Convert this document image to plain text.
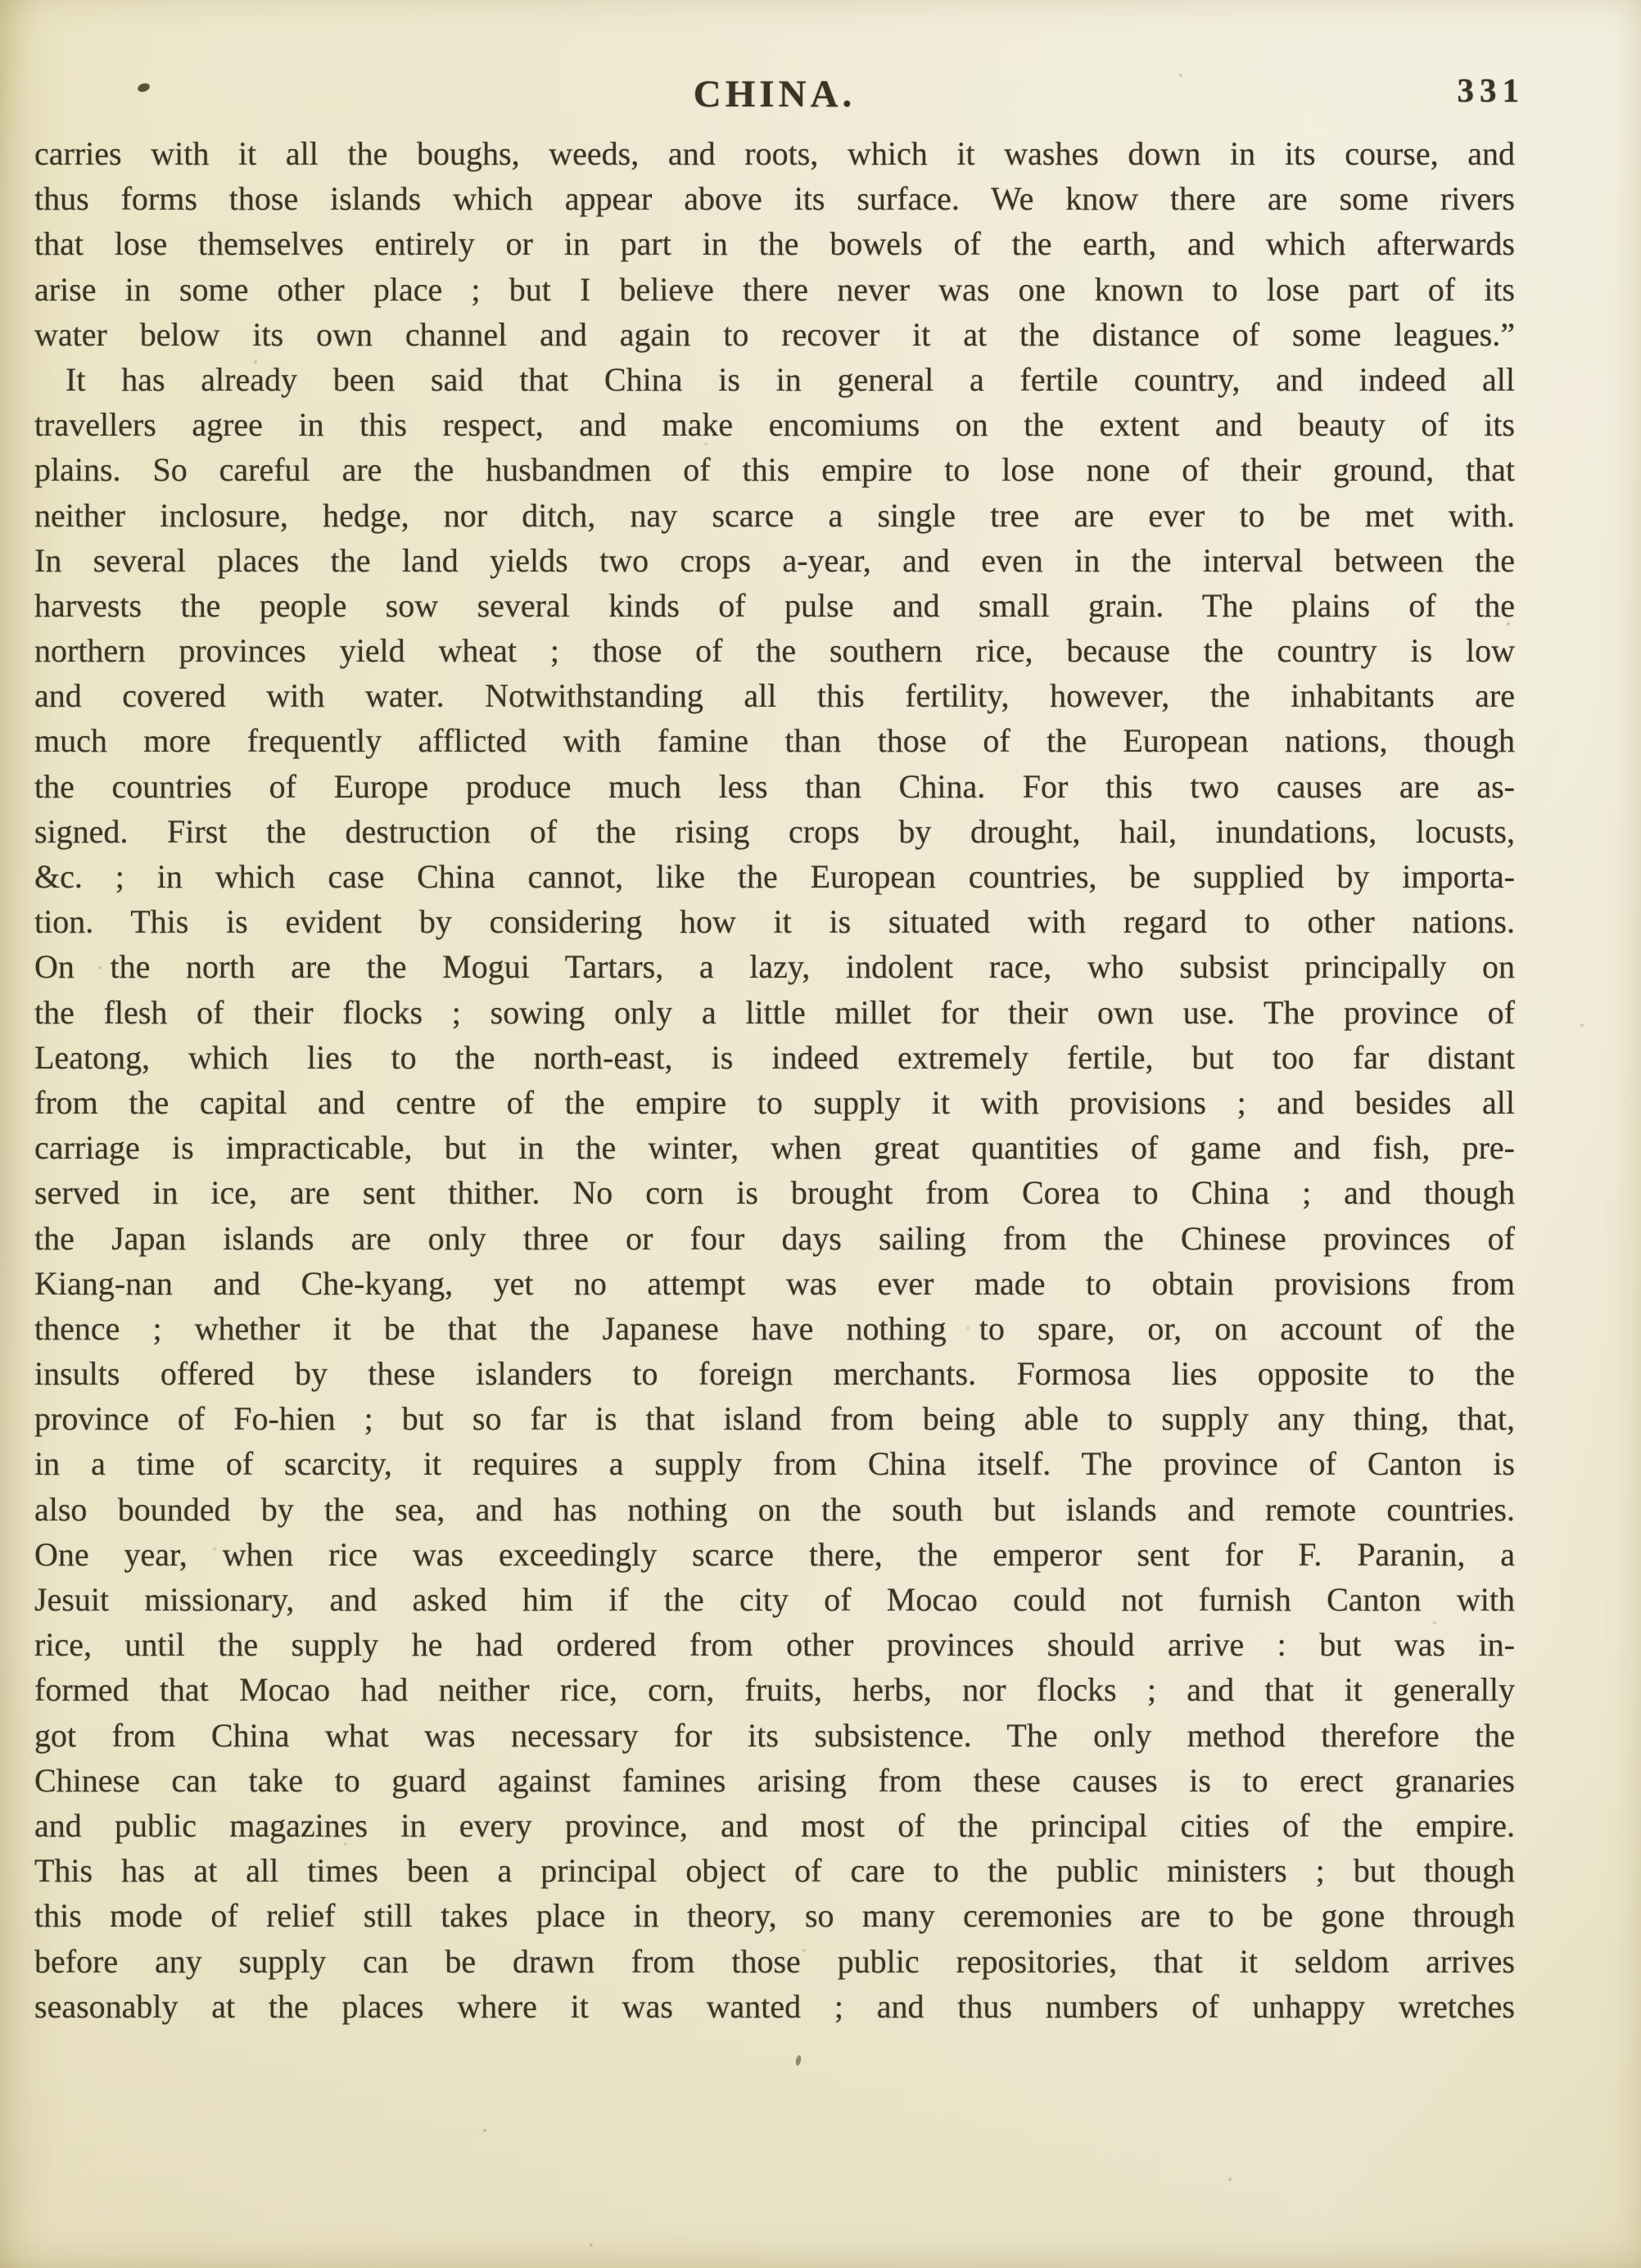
CHINA.	331
carries with it all the boughs, weeds, and roots, which it washes down in its course, and
thus forms those islands which appear above its surface. We know there are some rivers
that lose themselves entirely or in part in the bowels of the earth, and which afterwards
arise in some other place ; but I believe there never was one known to lose part of its
water below its own channel and again to recover it at the distance of some leagues.”
It has already been said that China is in general a fertile country, and indeed all
travellers agree in this respect, and make encomiums on the extent and beauty of its
plains. So careful are the husbandmen of this empire to lose none of their ground, that
neither inclosure, hedge, nor ditch, nay scarce a single tree are ever to be met with.
In several places the land yields two crops a-year, and even in the interval between the
harvests the people sow several kinds of pulse and small grain. The plains of the
northern provinces yield wheat ; those of the southern rice, because the country is low
and covered with water. Notwithstanding all this fertility, however, the inhabitants are
much more frequently afflicted with famine than those of the European nations, though
the countries of Europe produce much less than China. For this two causes are as-
signed. First the destruction of the rising crops by drought, hail, inundations, locusts,
&c. ; in which case China cannot, like the European countries, be supplied by importa-
tion. This is evident by considering how it is situated with regard to other nations.
On the north are the Mogui Tartars, a lazy, indolent race, who subsist principally on
the flesh of their flocks ; sowing only a little millet for their own use. The province of
Leatong, which lies to the north-east, is indeed extremely fertile, but too far distant
from the capital and centre of the empire to supply it with provisions ; and besides all
carriage is impracticable, but in the winter, when great quantities of game and fish, pre-
served in ice, are sent thither. No corn is brought from Corea to China ; and though
the Japan islands are only three or four days sailing from the Chinese provinces of
Kiang-nan and Che-kyang, yet no attempt was ever made to obtain provisions from
thence ; whether it be that the Japanese have nothing to spare, or, on account of the
insults offered by these islanders to foreign merchants. Formosa lies opposite to the
province of Fo-hien ; but so far is that island from being able to supply any thing, that,
in a time of scarcity, it requires a supply from China itself. The province of Canton is
also bounded by the sea, and has nothing on the south but islands and remote countries.
One year, when rice was exceedingly scarce there, the emperor sent for F. Paranin, a
Jesuit missionary, and asked him if the city of Mocao could not furnish Canton with
rice, until the supply he had ordered from other provinces should arrive : but was in-
formed that Mocao had neither rice, corn, fruits, herbs, nor flocks ; and that it generally
got from China what was necessary for its subsistence. The only method therefore the
Chinese can take to guard against famines arising from these causes is to erect granaries
and public magazines in every province, and most of the principal cities of the empire.
This has at all times been a principal object of care to the public ministers ; but though
this mode of relief still takes place in theory, so many ceremonies are to be gone through
before any supply can be drawn from those public repositories, that it seldom arrives
seasonably at the places where it was wanted ; and thus numbers of unhappy wretches
